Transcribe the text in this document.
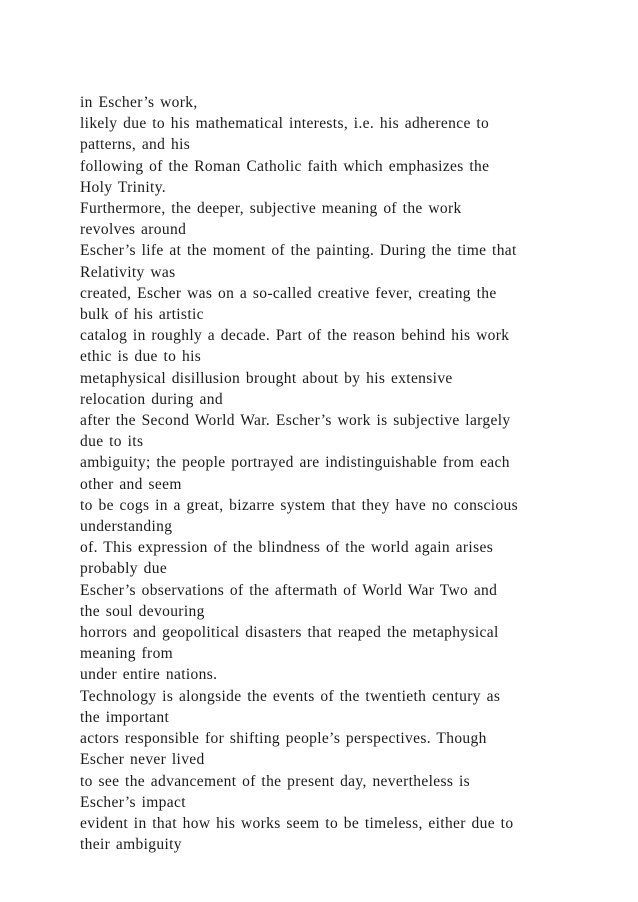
in Escher’s work,
likely due to his mathematical interests, i.e. his adherence to
patterns, and his
following of the Roman Catholic faith which emphasizes the
Holy Trinity.
Furthermore, the deeper, subjective meaning of the work
revolves around
Escher’s life at the moment of the painting. During the time that
Relativity was
created, Escher was on a so-called creative fever, creating the
bulk of his artistic
catalog in roughly a decade. Part of the reason behind his work
ethic is due to his
metaphysical disillusion brought about by his extensive
relocation during and
after the Second World War. Escher’s work is subjective largely
due to its
ambiguity; the people portrayed are indistinguishable from each
other and seem
to be cogs in a great, bizarre system that they have no conscious
understanding
of. This expression of the blindness of the world again arises
probably due
Escher’s observations of the aftermath of World War Two and
the soul devouring
horrors and geopolitical disasters that reaped the metaphysical
meaning from
under entire nations.
Technology is alongside the events of the twentieth century as
the important
actors responsible for shifting people’s perspectives. Though
Escher never lived
to see the advancement of the present day, nevertheless is
Escher’s impact
evident in that how his works seem to be timeless, either due to
their ambiguity
